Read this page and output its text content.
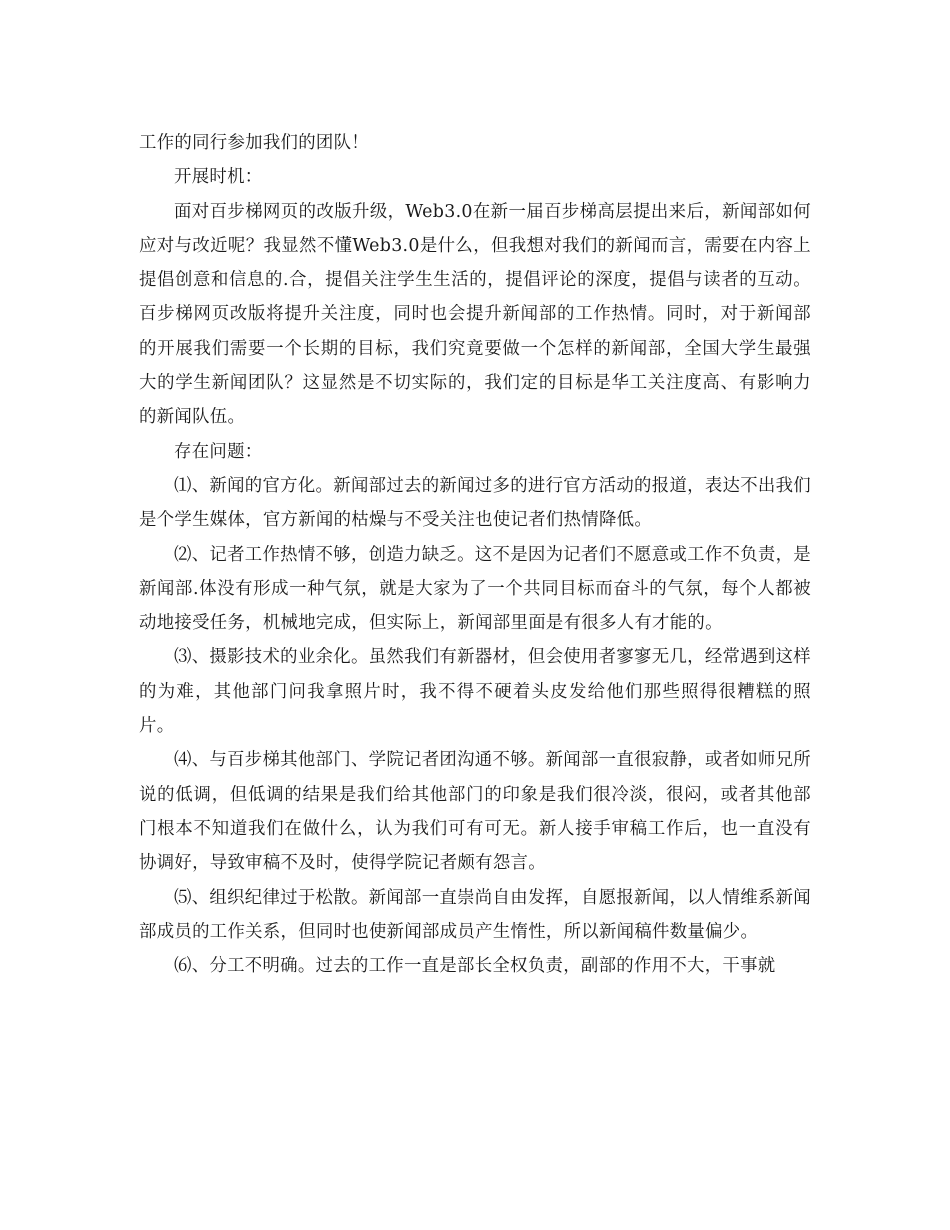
工作的同行参加我们的团队！

开展时机：

面对百步梯网页的改版升级，Web3.0在新一届百步梯高层提出来后，新闻部如何应对与改近呢？我显然不懂Web3.0是什么，但我想对我们的新闻而言，需要在内容上提倡创意和信息的.合，提倡关注学生生活的，提倡评论的深度，提倡与读者的互动。百步梯网页改版将提升关注度，同时也会提升新闻部的工作热情。同时，对于新闻部的开展我们需要一个长期的目标，我们究竟要做一个怎样的新闻部，全国大学生最强大的学生新闻团队？这显然是不切实际的，我们定的目标是华工关注度高、有影响力的新闻队伍。

存在问题：

⑴、新闻的官方化。新闻部过去的新闻过多的进行官方活动的报道，表达不出我们是个学生媒体，官方新闻的枯燥与不受关注也使记者们热情降低。

⑵、记者工作热情不够，创造力缺乏。这不是因为记者们不愿意或工作不负责，是新闻部.体没有形成一种气氛，就是大家为了一个共同目标而奋斗的气氛，每个人都被动地接受任务，机械地完成，但实际上，新闻部里面是有很多人有才能的。

⑶、摄影技术的业余化。虽然我们有新器材，但会使用者寥寥无几，经常遇到这样的为难，其他部门问我拿照片时，我不得不硬着头皮发给他们那些照得很糟糕的照片。

⑷、与百步梯其他部门、学院记者团沟通不够。新闻部一直很寂静，或者如师兄所说的低调，但低调的结果是我们给其他部门的印象是我们很冷淡，很闷，或者其他部门根本不知道我们在做什么，认为我们可有可无。新人接手审稿工作后，也一直没有协调好，导致审稿不及时，使得学院记者颇有怨言。

⑸、组织纪律过于松散。新闻部一直崇尚自由发挥，自愿报新闻，以人情维系新闻部成员的工作关系，但同时也使新闻部成员产生惰性，所以新闻稿件数量偏少。

⑹、分工不明确。过去的工作一直是部长全权负责，副部的作用不大，干事就
